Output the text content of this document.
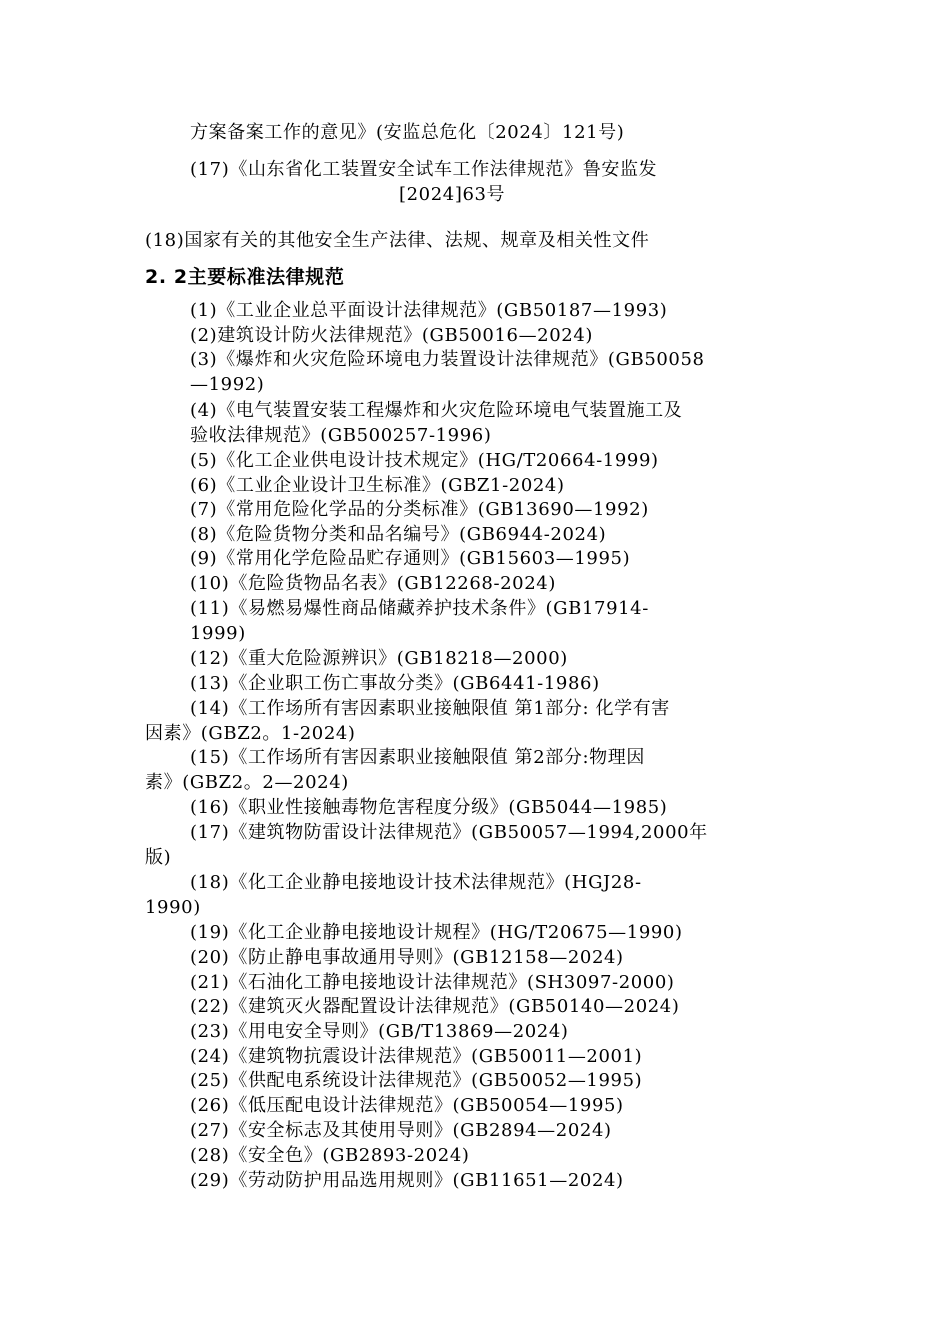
方案备案工作的意见》(安监总危化〔2024〕121号)
(17)《山东省化工装置安全试车工作法律规范》鲁安监发
[2024]63号
(18)国家有关的其他安全生产法律、法规、规章及相关性文件
2. 2主要标准法律规范
(1)《工业企业总平面设计法律规范》(GB50187—1993)
(2)建筑设计防火法律规范》(GB50016—2024)
(3)《爆炸和火灾危险环境电力装置设计法律规范》(GB50058
—1992)
(4)《电气装置安装工程爆炸和火灾危险环境电气装置施工及
验收法律规范》(GB500257-1996)
(5)《化工企业供电设计技术规定》(HG/T20664-1999)
(6)《工业企业设计卫生标准》(GBZ1-2024)
(7)《常用危险化学品的分类标准》(GB13690—1992)
(8)《危险货物分类和品名编号》(GB6944-2024)
(9)《常用化学危险品贮存通则》(GB15603—1995)
(10)《危险货物品名表》(GB12268-2024)
(11)《易燃易爆性商品储藏养护技术条件》(GB17914-
1999)
(12)《重大危险源辨识》(GB18218—2000)
(13)《企业职工伤亡事故分类》(GB6441-1986)
(14)《工作场所有害因素职业接触限值 第1部分: 化学有害
因素》(GBZ2。1-2024)
(15)《工作场所有害因素职业接触限值 第2部分:物理因
素》(GBZ2。2—2024)
(16)《职业性接触毒物危害程度分级》(GB5044—1985)
(17)《建筑物防雷设计法律规范》(GB50057—1994,2000年
版)
(18)《化工企业静电接地设计技术法律规范》(HGJ28-
1990)
(19)《化工企业静电接地设计规程》(HG/T20675—1990)
(20)《防止静电事故通用导则》(GB12158—2024)
(21)《石油化工静电接地设计法律规范》(SH3097-2000)
(22)《建筑灭火器配置设计法律规范》(GB50140—2024)
(23)《用电安全导则》(GB/T13869—2024)
(24)《建筑物抗震设计法律规范》(GB50011—2001)
(25)《供配电系统设计法律规范》(GB50052—1995)
(26)《低压配电设计法律规范》(GB50054—1995)
(27)《安全标志及其使用导则》(GB2894—2024)
(28)《安全色》(GB2893-2024)
(29)《劳动防护用品选用规则》(GB11651—2024)
